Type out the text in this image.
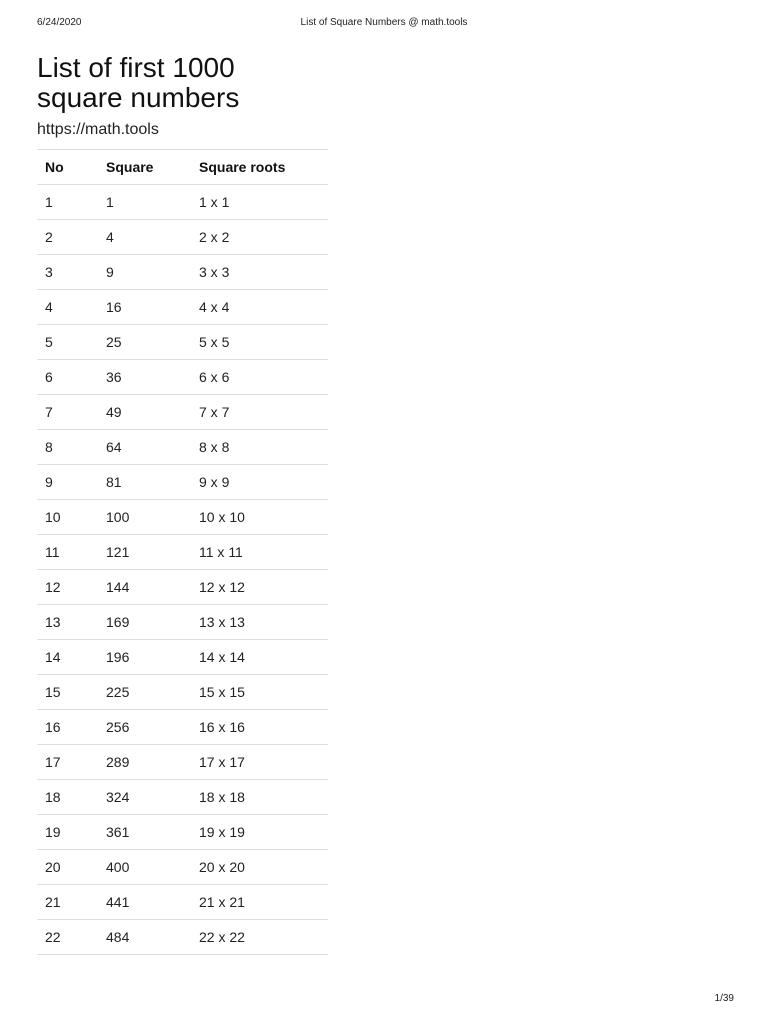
6/24/2020	List of Square Numbers @ math.tools
List of first 1000
square numbers
https://math.tools
No	Square	Square roots
1	1	1 x 1
2	4	2 x 2
3	9	3 x 3
4	16	4 x 4
5	25	5 x 5
6	36	6 x 6
7	49	7 x 7
8	64	8 x 8
9	81	9 x 9
10	100	10 x 10
11	121	11 x 11
12	144	12 x 12
13	169	13 x 13
14	196	14 x 14
15	225	15 x 15
16	256	16 x 16
17	289	17 x 17
18	324	18 x 18
19	361	19 x 19
20	400	20 x 20
21	441	21 x 21
22	484	22 x 22
1/39
